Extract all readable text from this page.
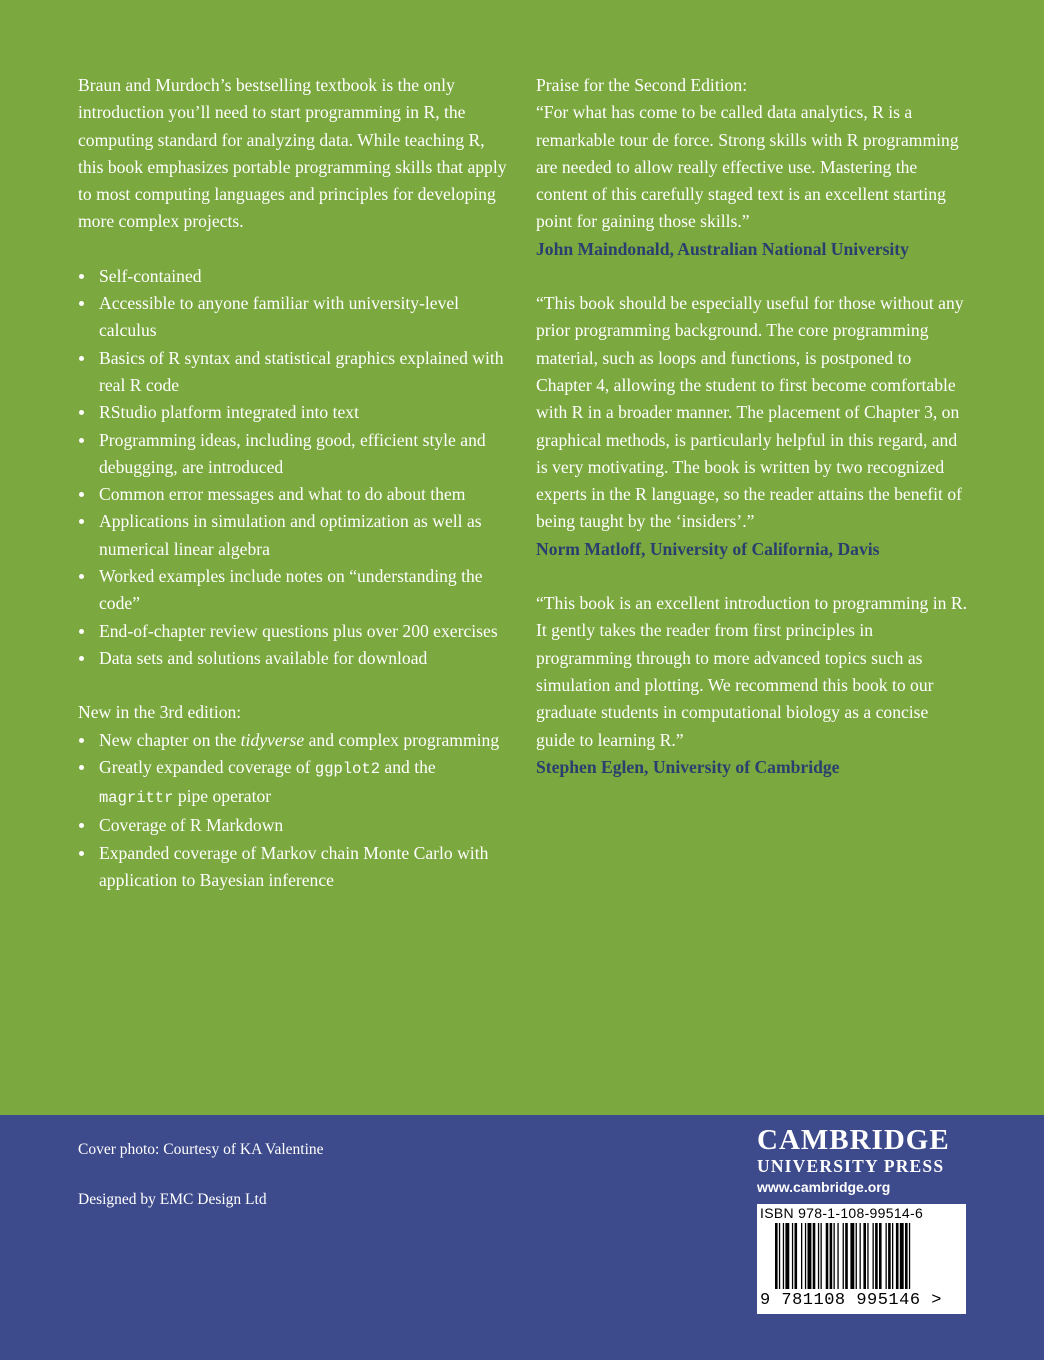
Braun and Murdoch’s bestselling textbook is the only introduction you’ll need to start programming in R, the computing standard for analyzing data. While teaching R, this book emphasizes portable programming skills that apply to most computing languages and principles for developing more complex projects.

Self-contained
Accessible to anyone familiar with university-level calculus
Basics of R syntax and statistical graphics explained with real R code
RStudio platform integrated into text
Programming ideas, including good, efficient style and debugging, are introduced
Common error messages and what to do about them
Applications in simulation and optimization as well as numerical linear algebra
Worked examples include notes on “understanding the code”
End-of-chapter review questions plus over 200 exercises
Data sets and solutions available for download

New in the 3rd edition:

New chapter on the tidyverse and complex programming
Greatly expanded coverage of ggplot2 and the
magrittr pipe operator
Coverage of R Markdown
Expanded coverage of Markov chain Monte Carlo with application to Bayesian inference

Praise for the Second Edition:

“For what has come to be called data analytics, R is a remarkable tour de force. Strong skills with R programming are needed to allow really effective use. Mastering the content of this carefully staged text is an excellent starting point for gaining those skills.”

John Maindonald, Australian National University

“This book should be especially useful for those without any prior programming background. The core programming material, such as loops and functions, is postponed to Chapter 4, allowing the student to first become comfortable with R in a broader manner. The placement of Chapter 3, on graphical methods, is particularly helpful in this regard, and is very motivating. The book is written by two recognized experts in the R language, so the reader attains the benefit of being taught by the ‘insiders’.”

Norm Matloff, University of California, Davis

“This book is an excellent introduction to programming in R. It gently takes the reader from first principles in programming through to more advanced topics such as simulation and plotting. We recommend this book to our graduate students in computational biology as a concise guide to learning R.”

Stephen Eglen, University of Cambridge

Cover photo: Courtesy of KA Valentine
Designed by EMC Design Ltd
CAMBRIDGE
UNIVERSITY PRESS
www.cambridge.org
ISBN 978-1-108-99514-6
9 781108 995146 >
